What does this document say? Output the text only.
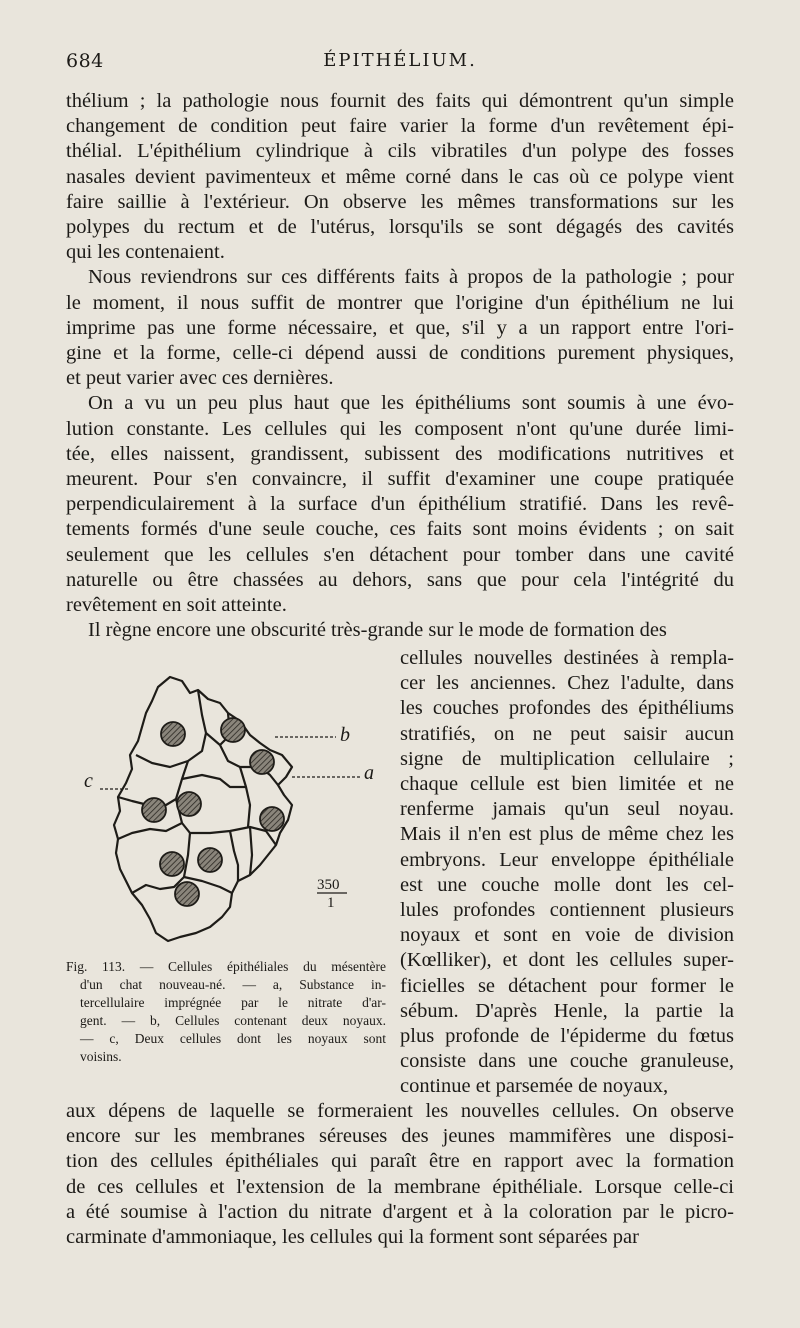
684	ÉPITHÉLIUM.
thélium ; la pathologie nous fournit des faits qui démontrent qu'un simple
changement de condition peut faire varier la forme d'un revêtement épi-
thélial. L'épithélium cylindrique à cils vibratiles d'un polype des fosses
nasales devient pavimenteux et même corné dans le cas où ce polype vient
faire saillie à l'extérieur. On observe les mêmes transformations sur les
polypes du rectum et de l'utérus, lorsqu'ils se sont dégagés des cavités
qui les contenaient.
Nous reviendrons sur ces différents faits à propos de la pathologie ; pour
le moment, il nous suffit de montrer que l'origine d'un épithélium ne lui
imprime pas une forme nécessaire, et que, s'il y a un rapport entre l'ori-
gine et la forme, celle-ci dépend aussi de conditions purement physiques,
et peut varier avec ces dernières.
On a vu un peu plus haut que les épithéliums sont soumis à une évo-
lution constante. Les cellules qui les composent n'ont qu'une durée limi-
tée, elles naissent, grandissent, subissent des modifications nutritives et
meurent. Pour s'en convaincre, il suffit d'examiner une coupe pratiquée
perpendiculairement à la surface d'un épithélium stratifié. Dans les revê-
tements formés d'une seule couche, ces faits sont moins évidents ; on sait
seulement que les cellules s'en détachent pour tomber dans une cavité
naturelle ou être chassées au dehors, sans que pour cela l'intégrité du
revêtement en soit atteinte.
Il règne encore une obscurité très-grande sur le mode de formation des
cellules nouvelles destinées à rempla-
cer les anciennes. Chez l'adulte, dans
les couches profondes des épithéliums
stratifiés, on ne peut saisir aucun
signe de multiplication cellulaire ;
chaque cellule est bien limitée et ne
renferme jamais qu'un seul noyau.
Mais il n'en est plus de même chez les
embryons. Leur enveloppe épithéliale
est une couche molle dont les cel-
lules profondes contiennent plusieurs
noyaux et sont en voie de division
(Kœlliker), et dont les cellules super-
ficielles se détachent pour former le
sébum. D'après Henle, la partie la
plus profonde de l'épiderme du fœtus
consiste dans une couche granuleuse,
continue et parsemée de noyaux,
aux dépens de laquelle se formeraient les nouvelles cellules. On observe
encore sur les membranes séreuses des jeunes mammifères une disposi-
tion des cellules épithéliales qui paraît être en rapport avec la formation
de ces cellules et l'extension de la membrane épithéliale. Lorsque celle-ci
a été soumise à l'action du nitrate d'argent et à la coloration par le picro-
carminate d'ammoniaque, les cellules qui la forment sont séparées par
b
a
c
350
1
Fig. 113. — Cellules épithéliales du mésentère
d'un chat nouveau-né. — a, Substance in-
tercellulaire imprégnée par le nitrate d'ar-
gent. — b, Cellules contenant deux noyaux.
— c, Deux cellules dont les noyaux sont
voisins.
